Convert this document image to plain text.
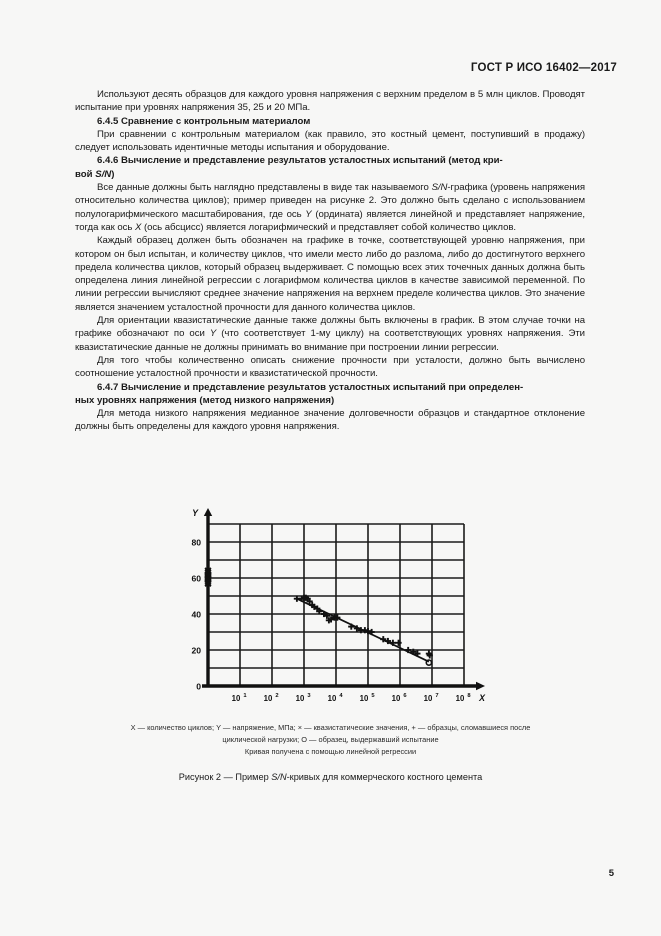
ГОСТ Р ИСО 16402—2017

Используют десять образцов для каждого уровня напряжения с верхним пределом в 5 млн циклов. Проводят испытание при уровнях напряжения 35, 25 и 20 МПа.

6.4.5 Сравнение с контрольным материалом

При сравнении с контрольным материалом (как правило, это костный цемент, поступивший в продажу) следует использовать идентичные методы испытания и оборудование.

6.4.6 Вычисление и представление результатов усталостных испытаний (метод кри-

вой S/N)

Все данные должны быть наглядно представлены в виде так называемого S/N-графика (уровень напряжения относительно количества циклов); пример приведен на рисунке 2. Это должно быть сделано с использованием полулогарифмического масштабирования, где ось Y (ордината) является линейной и представляет напряжение, тогда как ось X (ось абсцисс) является логарифмический и представляет собой количество циклов.

Каждый образец должен быть обозначен на графике в точке, соответствующей уровню напряжения, при котором он был испытан, и количеству циклов, что имели место либо до разлома, либо до достигнутого верхнего предела количества циклов, который образец выдерживает. С помощью всех этих точечных данных должна быть определена линия линейной регрессии с логарифмом количества циклов в качестве зависимой переменной. По линии регрессии вычисляют среднее значение напряжения на верхнем пределе количества циклов. Это значение является значением усталостной прочности для данного количества циклов.

Для ориентации квазистатические данные также должны быть включены в график. В этом случае точки на графике обозначают по оси Y (что соответствует 1-му циклу) на соответствующих уровнях напряжения. Эти квазистатические данные не должны принимать во внимание при построении линии регрессии.

Для того чтобы количественно описать снижение прочности при усталости, должно быть вычислено соотношение усталостной прочности и квазистатической прочности.

6.4.7 Вычисление и представление результатов усталостных испытаний при определен-

ных уровнях напряжения (метод низкого напряжения)

Для метода низкого напряжения медианное значение долговечности образцов и стандартное отклонение должны быть определены для каждого уровня напряжения.

80
60
40
20
0
Y
X
10 1 10 2 10 3 10 4 10 5 10 6 10 7 10 8
X — количество циклов; Y — напряжение, МПа; × — квазистатические значения, + — образцы, сломавшиеся после
циклической нагрузки; O — образец, выдержавший испытание
Кривая получена с помощью линейной регрессии
Рисунок 2 — Пример S/N-кривых для коммерческого костного цемента
5
